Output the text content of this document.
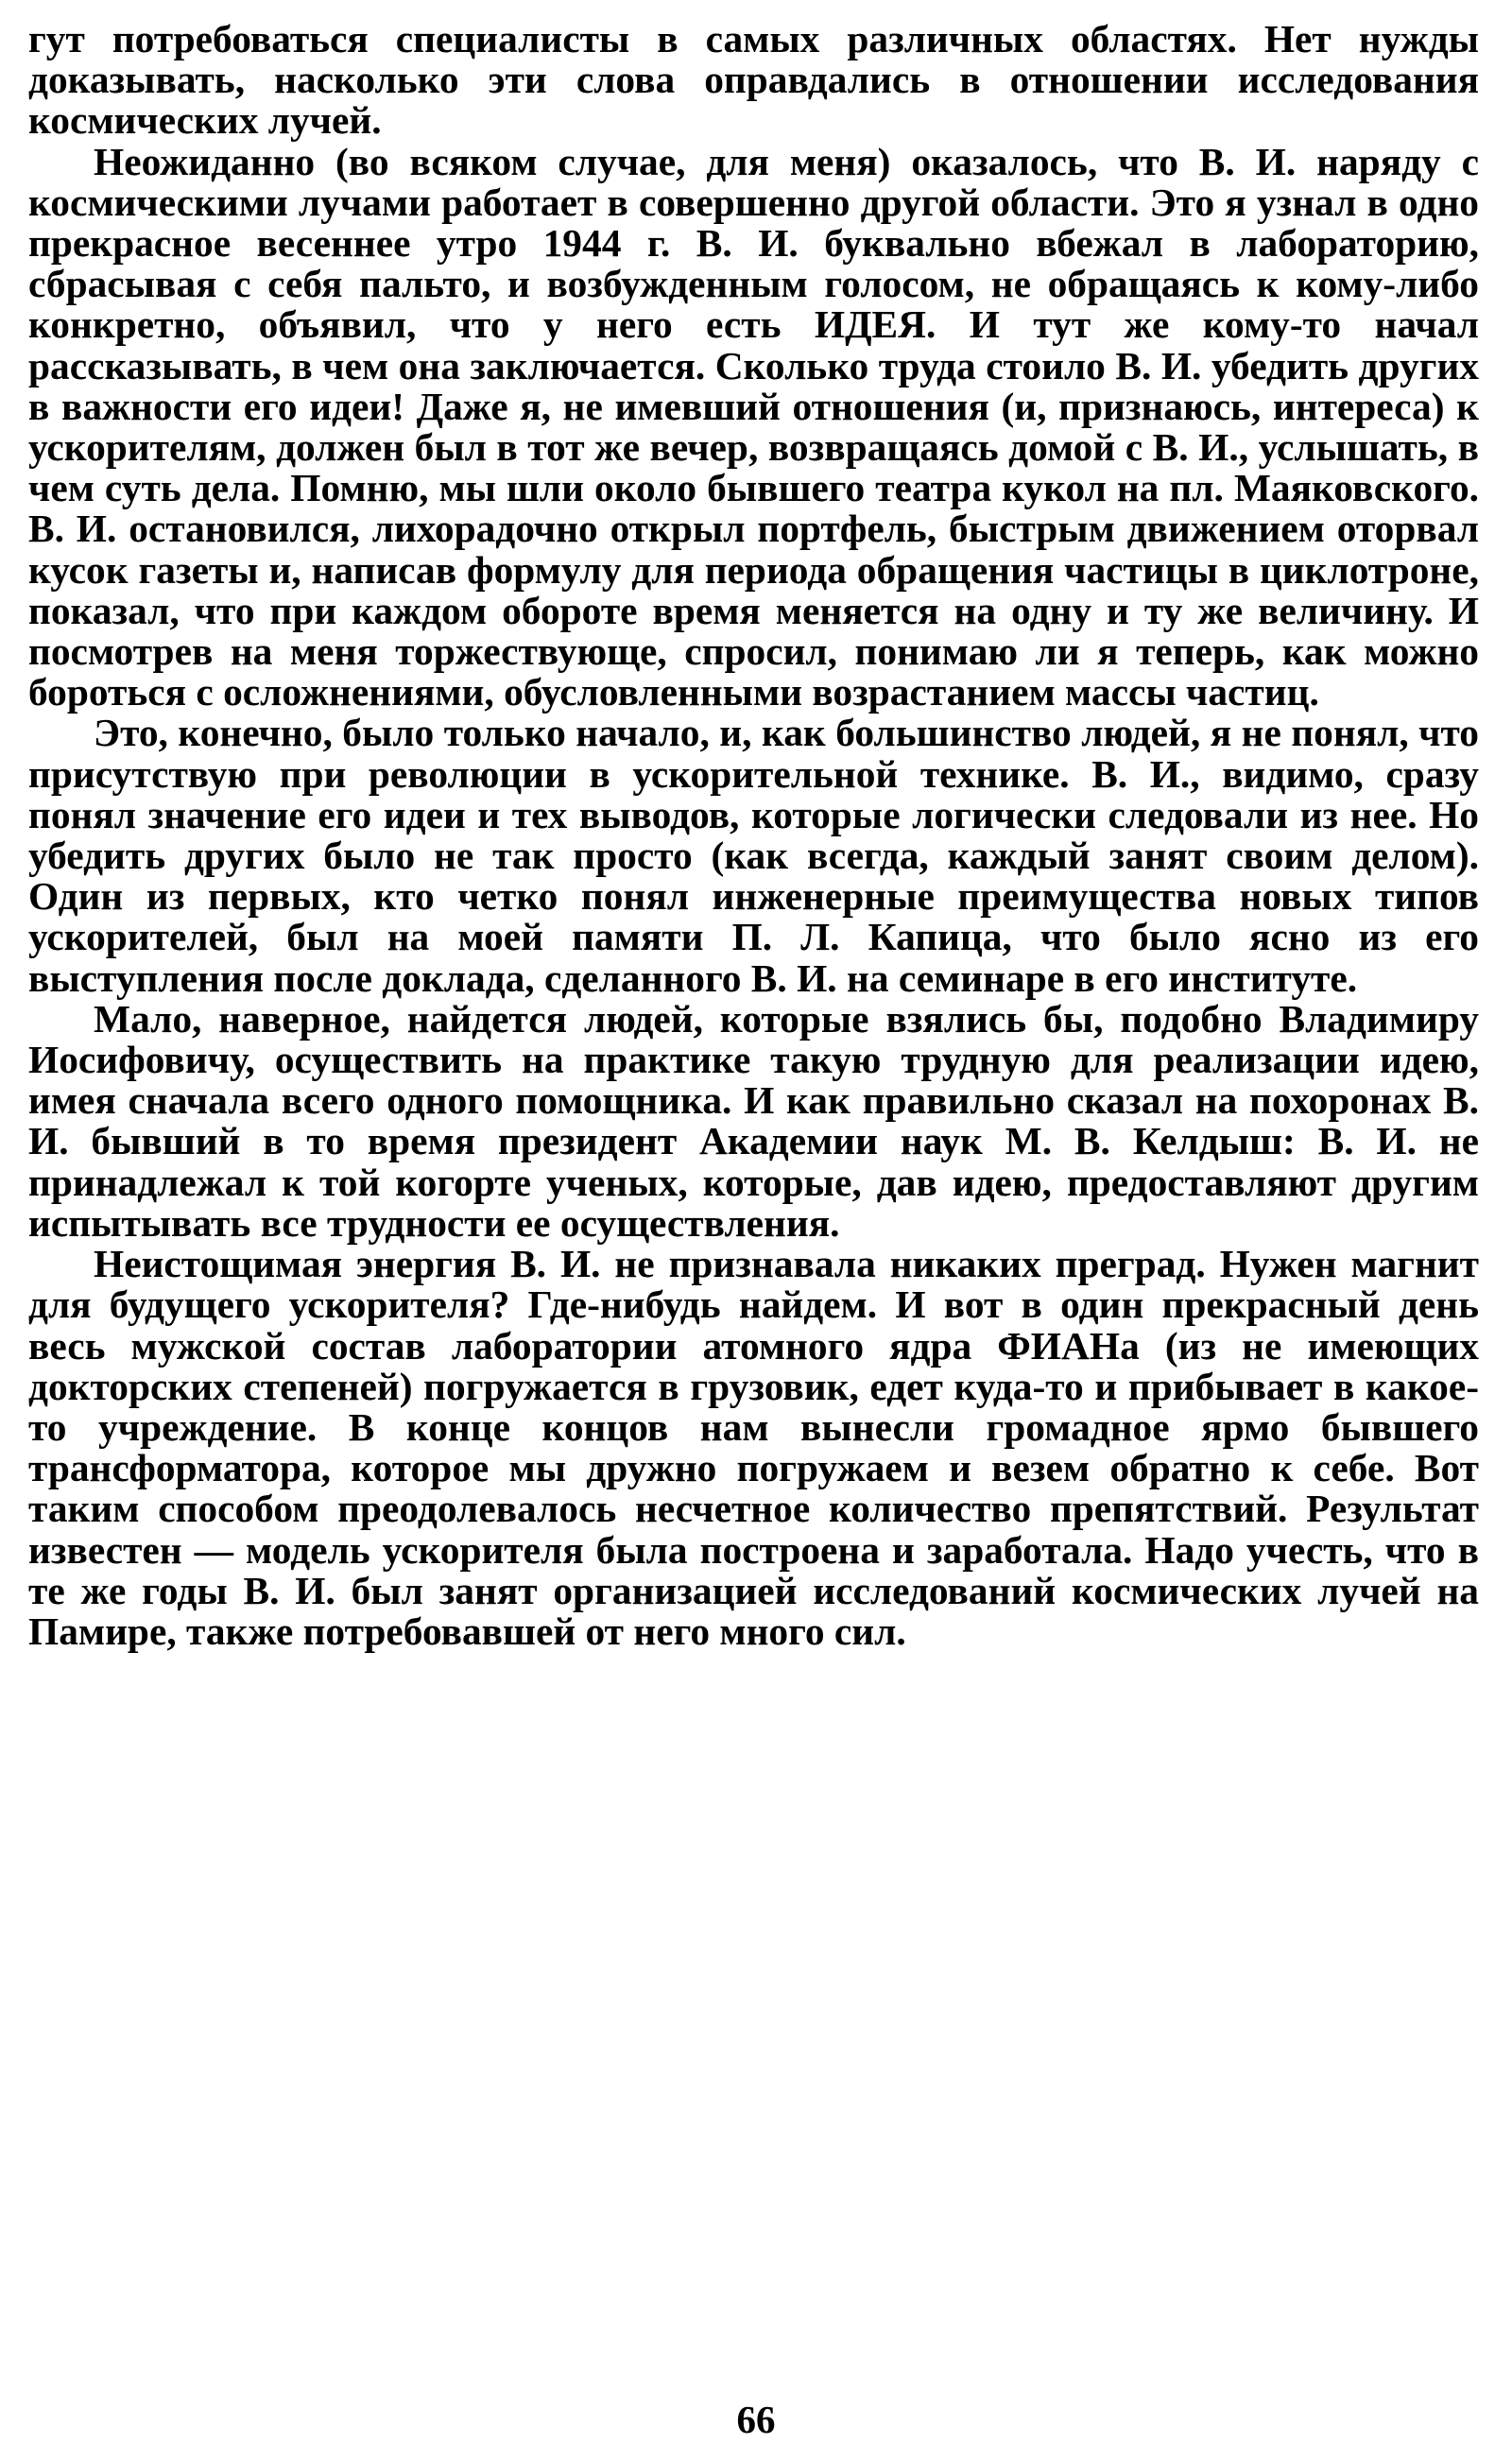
гут потребоваться специалисты в самых различных областях. Нет нужды доказывать, насколько эти слова оправдались в отношении исследования космических лучей.

Неожиданно (во всяком случае, для меня) оказалось, что В. И. наряду с космическими лучами работает в совершенно другой области. Это я узнал в одно прекрасное весеннее утро 1944 г. В. И. буквально вбежал в лабораторию, сбрасывая с себя пальто, и возбужденным голосом, не обращаясь к кому-либо конкретно, объявил, что у него есть ИДЕЯ. И тут же кому-то начал рассказывать, в чем она заключается. Сколько труда стоило В. И. убедить других в важности его идеи! Даже я, не имевший отношения (и, признаюсь, интереса) к ускорителям, должен был в тот же вечер, возвращаясь домой с В. И., услышать, в чем суть дела. Помню, мы шли около бывшего театра кукол на пл. Маяковского. В. И. остановился, лихорадочно открыл портфель, быстрым движением оторвал кусок газеты и, написав формулу для периода обращения частицы в циклотроне, показал, что при каждом обороте время меняется на одну и ту же величину. И посмотрев на меня торжествующе, спросил, понимаю ли я теперь, как можно бороться с осложнениями, обусловленными возрастанием массы частиц.

Это, конечно, было только начало, и, как большинство людей, я не понял, что присутствую при революции в ускорительной технике. В. И., видимо, сразу понял значение его идеи и тех выводов, которые логически следовали из нее. Но убедить других было не так просто (как всегда, каждый занят своим делом). Один из первых, кто четко понял инженерные преимущества новых типов ускорителей, был на моей памяти П. Л. Капица, что было ясно из его выступления после доклада, сделанного В. И. на семинаре в его институте.

Мало, наверное, найдется людей, которые взялись бы, подобно Владимиру Иосифовичу, осуществить на практике такую трудную для реализации идею, имея сначала всего одного помощника. И как правильно сказал на похоронах В. И. бывший в то время президент Академии наук М. В. Келдыш: В. И. не принадлежал к той когорте ученых, которые, дав идею, предоставляют другим испытывать все трудности ее осуществления.

Неистощимая энергия В. И. не признавала никаких преград. Нужен магнит для будущего ускорителя? Где-нибудь найдем. И вот в один прекрасный день весь мужской состав лаборатории атомного ядра ФИАНа (из не имеющих докторских степеней) погружается в грузовик, едет куда-то и прибывает в какое-то учреждение. В конце концов нам вынесли громадное ярмо бывшего трансформатора, которое мы дружно погружаем и везем обратно к себе. Вот таким способом преодолевалось несчетное количество препятствий. Результат известен — модель ускорителя была построена и заработала. Надо учесть, что в те же годы В. И. был занят организацией исследований космических лучей на Памире, также потребовавшей от него много сил.

66
